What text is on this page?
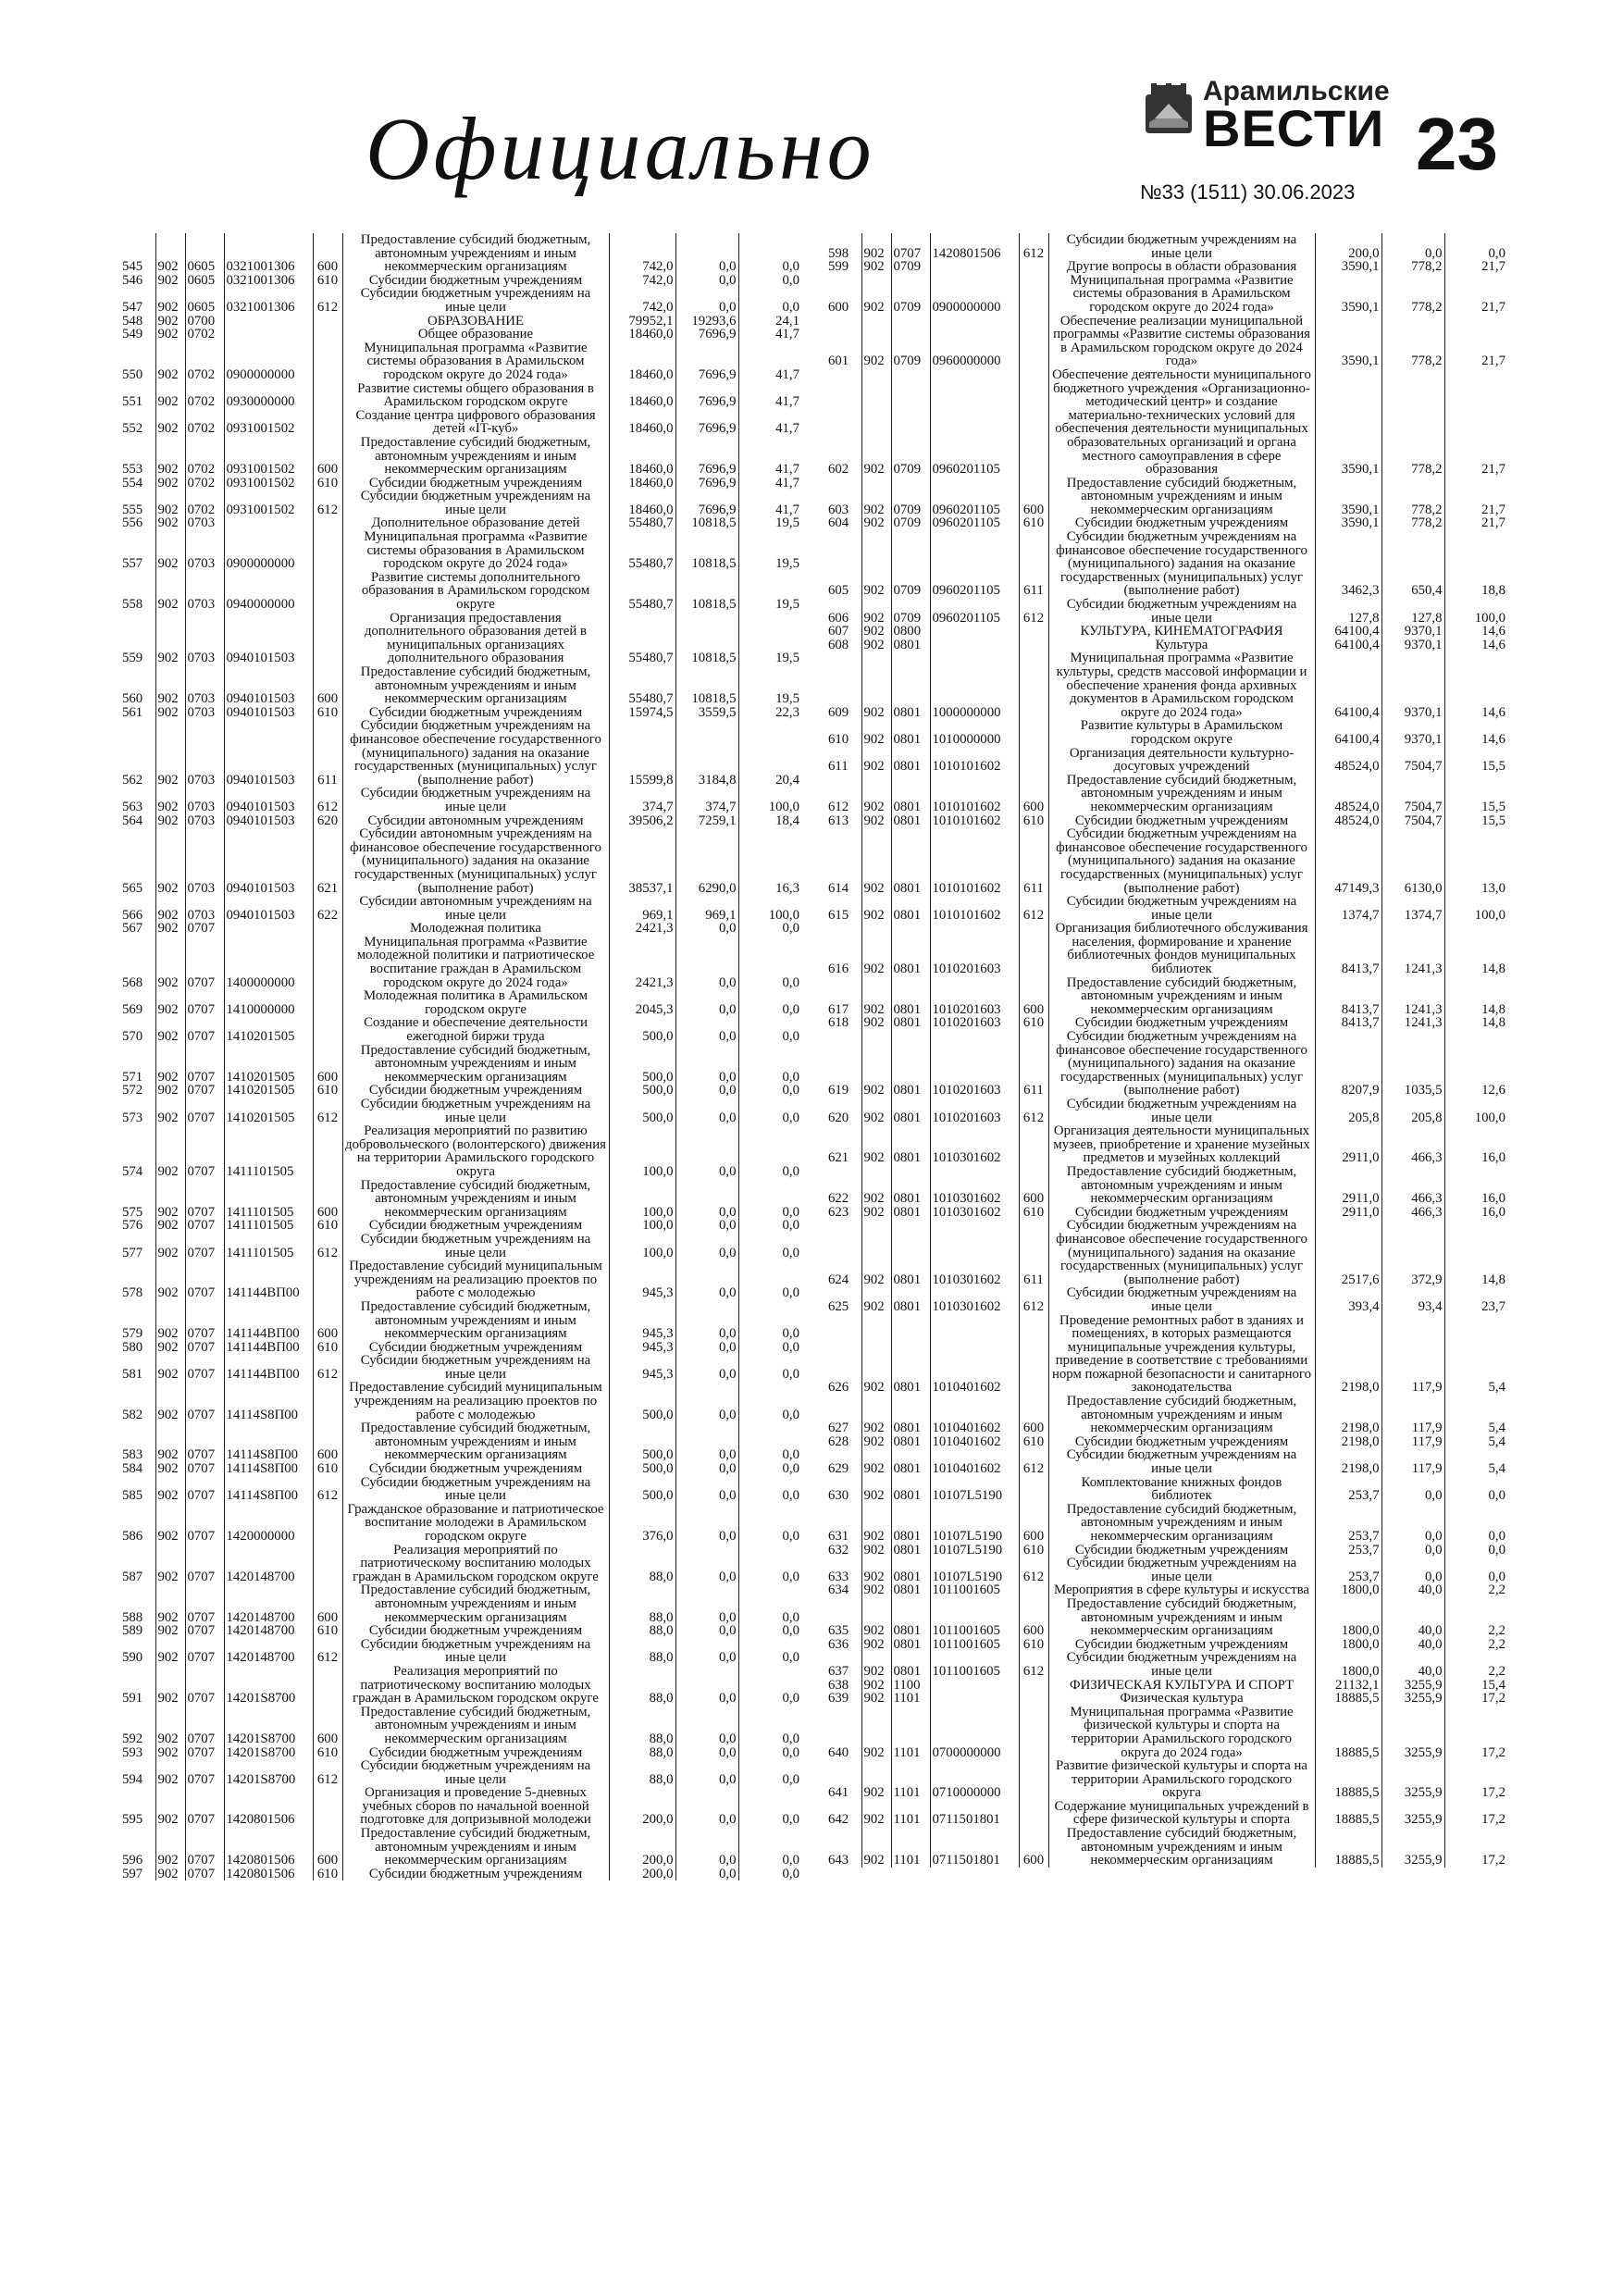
Официально
Арамильские
ВЕСТИ
№33 (1511) 30.06.2023
23
545	902	0605	0321001306	600	Предоставление субсидий бюджетным, автономным учреждениям и иным некоммерческим организациям	742,0	0,0	0,0
546	902	0605	0321001306	610	Субсидии бюджетным учреждениям	742,0	0,0	0,0
547	902	0605	0321001306	612	Субсидии бюджетным учреждениям на иные цели	742,0	0,0	0,0
548	902	0700			ОБРАЗОВАНИЕ	79952,1	19293,6	24,1
549	902	0702			Общее образование	18460,0	7696,9	41,7
550	902	0702	0900000000		Муниципальная программа «Развитие системы образования в Арамильском городском округе до 2024 года»	18460,0	7696,9	41,7
551	902	0702	0930000000		Развитие системы общего образования в Арамильском городском округе	18460,0	7696,9	41,7
552	902	0702	0931001502		Создание центра цифрового образования детей «IT-куб»	18460,0	7696,9	41,7
553	902	0702	0931001502	600	Предоставление субсидий бюджетным, автономным учреждениям и иным некоммерческим организациям	18460,0	7696,9	41,7
554	902	0702	0931001502	610	Субсидии бюджетным учреждениям	18460,0	7696,9	41,7
555	902	0702	0931001502	612	Субсидии бюджетным учреждениям на иные цели	18460,0	7696,9	41,7
556	902	0703			Дополнительное образование детей	55480,7	10818,5	19,5
557	902	0703	0900000000		Муниципальная программа «Развитие системы образования в Арамильском городском округе до 2024 года»	55480,7	10818,5	19,5
558	902	0703	0940000000		Развитие системы дополнительного образования в Арамильском городском округе	55480,7	10818,5	19,5
559	902	0703	0940101503		Организация предоставления дополнительного образования детей в муниципальных организациях дополнительного образования	55480,7	10818,5	19,5
560	902	0703	0940101503	600	Предоставление субсидий бюджетным, автономным учреждениям и иным некоммерческим организациям	55480,7	10818,5	19,5
561	902	0703	0940101503	610	Субсидии бюджетным учреждениям	15974,5	3559,5	22,3
562	902	0703	0940101503	611	Субсидии бюджетным учреждениям на финансовое обеспечение государственного (муниципального) задания на оказание государственных (муниципальных) услуг (выполнение работ)	15599,8	3184,8	20,4
563	902	0703	0940101503	612	Субсидии бюджетным учреждениям на иные цели	374,7	374,7	100,0
564	902	0703	0940101503	620	Субсидии автономным учреждениям	39506,2	7259,1	18,4
565	902	0703	0940101503	621	Субсидии автономным учреждениям на финансовое обеспечение государственного (муниципального) задания на оказание государственных (муниципальных) услуг (выполнение работ)	38537,1	6290,0	16,3
566	902	0703	0940101503	622	Субсидии автономным учреждениям на иные цели	969,1	969,1	100,0
567	902	0707			Молодежная политика	2421,3	0,0	0,0
568	902	0707	1400000000		Муниципальная программа «Развитие молодежной политики и патриотическое воспитание граждан в Арамильском городском округе до 2024 года»	2421,3	0,0	0,0
569	902	0707	1410000000		Молодежная политика в Арамильском городском округе	2045,3	0,0	0,0
570	902	0707	1410201505		Создание и обеспечение деятельности ежегодной биржи труда	500,0	0,0	0,0
571	902	0707	1410201505	600	Предоставление субсидий бюджетным, автономным учреждениям и иным некоммерческим организациям	500,0	0,0	0,0
572	902	0707	1410201505	610	Субсидии бюджетным учреждениям	500,0	0,0	0,0
573	902	0707	1410201505	612	Субсидии бюджетным учреждениям на иные цели	500,0	0,0	0,0
574	902	0707	1411101505		Реализация мероприятий по развитию добровольческого (волонтерского) движения на территории Арамильского городского округа	100,0	0,0	0,0
575	902	0707	1411101505	600	Предоставление субсидий бюджетным, автономным учреждениям и иным некоммерческим организациям	100,0	0,0	0,0
576	902	0707	1411101505	610	Субсидии бюджетным учреждениям	100,0	0,0	0,0
577	902	0707	1411101505	612	Субсидии бюджетным учреждениям на иные цели	100,0	0,0	0,0
578	902	0707	141144ВП00		Предоставление субсидий муниципальным учреждениям на реализацию проектов по работе с молодежью	945,3	0,0	0,0
579	902	0707	141144ВП00	600	Предоставление субсидий бюджетным, автономным учреждениям и иным некоммерческим организациям	945,3	0,0	0,0
580	902	0707	141144ВП00	610	Субсидии бюджетным учреждениям	945,3	0,0	0,0
581	902	0707	141144ВП00	612	Субсидии бюджетным учреждениям на иные цели	945,3	0,0	0,0
582	902	0707	14114S8П00		Предоставление субсидий муниципальным учреждениям на реализацию проектов по работе с молодежью	500,0	0,0	0,0
583	902	0707	14114S8П00	600	Предоставление субсидий бюджетным, автономным учреждениям и иным некоммерческим организациям	500,0	0,0	0,0
584	902	0707	14114S8П00	610	Субсидии бюджетным учреждениям	500,0	0,0	0,0
585	902	0707	14114S8П00	612	Субсидии бюджетным учреждениям на иные цели	500,0	0,0	0,0
586	902	0707	1420000000		Гражданское образование и патриотическое воспитание молодежи в Арамильском городском округе	376,0	0,0	0,0
587	902	0707	1420148700		Реализация мероприятий по патриотическому воспитанию молодых граждан в Арамильском городском округе	88,0	0,0	0,0
588	902	0707	1420148700	600	Предоставление субсидий бюджетным, автономным учреждениям и иным некоммерческим организациям	88,0	0,0	0,0
589	902	0707	1420148700	610	Субсидии бюджетным учреждениям	88,0	0,0	0,0
590	902	0707	1420148700	612	Субсидии бюджетным учреждениям на иные цели	88,0	0,0	0,0
591	902	0707	14201S8700		Реализация мероприятий по патриотическому воспитанию молодых граждан в Арамильском городском округе	88,0	0,0	0,0
592	902	0707	14201S8700	600	Предоставление субсидий бюджетным, автономным учреждениям и иным некоммерческим организациям	88,0	0,0	0,0
593	902	0707	14201S8700	610	Субсидии бюджетным учреждениям	88,0	0,0	0,0
594	902	0707	14201S8700	612	Субсидии бюджетным учреждениям на иные цели	88,0	0,0	0,0
595	902	0707	1420801506		Организация и проведение 5-дневных учебных сборов по начальной военной подготовке для допризывной молодежи	200,0	0,0	0,0
596	902	0707	1420801506	600	Предоставление субсидий бюджетным, автономным учреждениям и иным некоммерческим организациям	200,0	0,0	0,0
597	902	0707	1420801506	610	Субсидии бюджетным учреждениям	200,0	0,0	0,0
598	902	0707	1420801506	612	Субсидии бюджетным учреждениям на иные цели	200,0	0,0	0,0
599	902	0709			Другие вопросы в области образования	3590,1	778,2	21,7
600	902	0709	0900000000		Муниципальная программа «Развитие системы образования в Арамильском городском округе до 2024 года»	3590,1	778,2	21,7
601	902	0709	0960000000		Обеспечение реализации муниципальной программы «Развитие системы образования в Арамильском городском округе до 2024 года»	3590,1	778,2	21,7
602	902	0709	0960201105		Обеспечение деятельности муниципального бюджетного учреждения «Организационно-методический центр» и создание материально-технических условий для обеспечения деятельности муниципальных образовательных организаций и органа местного самоуправления в сфере образования	3590,1	778,2	21,7
603	902	0709	0960201105	600	Предоставление субсидий бюджетным, автономным учреждениям и иным некоммерческим организациям	3590,1	778,2	21,7
604	902	0709	0960201105	610	Субсидии бюджетным учреждениям	3590,1	778,2	21,7
605	902	0709	0960201105	611	Субсидии бюджетным учреждениям на финансовое обеспечение государственного (муниципального) задания на оказание государственных (муниципальных) услуг (выполнение работ)	3462,3	650,4	18,8
606	902	0709	0960201105	612	Субсидии бюджетным учреждениям на иные цели	127,8	127,8	100,0
607	902	0800			КУЛЬТУРА, КИНЕМАТОГРАФИЯ	64100,4	9370,1	14,6
608	902	0801			Культура	64100,4	9370,1	14,6
609	902	0801	1000000000		Муниципальная программа «Развитие культуры, средств массовой информации и обеспечение хранения фонда архивных документов в Арамильском городском округе до 2024 года»	64100,4	9370,1	14,6
610	902	0801	1010000000		Развитие культуры в Арамильском городском округе	64100,4	9370,1	14,6
611	902	0801	1010101602		Организация деятельности культурно-досуговых учреждений	48524,0	7504,7	15,5
612	902	0801	1010101602	600	Предоставление субсидий бюджетным, автономным учреждениям и иным некоммерческим организациям	48524,0	7504,7	15,5
613	902	0801	1010101602	610	Субсидии бюджетным учреждениям	48524,0	7504,7	15,5
614	902	0801	1010101602	611	Субсидии бюджетным учреждениям на финансовое обеспечение государственного (муниципального) задания на оказание государственных (муниципальных) услуг (выполнение работ)	47149,3	6130,0	13,0
615	902	0801	1010101602	612	Субсидии бюджетным учреждениям на иные цели	1374,7	1374,7	100,0
616	902	0801	1010201603		Организация библиотечного обслуживания населения, формирование и хранение библиотечных фондов муниципальных библиотек	8413,7	1241,3	14,8
617	902	0801	1010201603	600	Предоставление субсидий бюджетным, автономным учреждениям и иным некоммерческим организациям	8413,7	1241,3	14,8
618	902	0801	1010201603	610	Субсидии бюджетным учреждениям	8413,7	1241,3	14,8
619	902	0801	1010201603	611	Субсидии бюджетным учреждениям на финансовое обеспечение государственного (муниципального) задания на оказание государственных (муниципальных) услуг (выполнение работ)	8207,9	1035,5	12,6
620	902	0801	1010201603	612	Субсидии бюджетным учреждениям на иные цели	205,8	205,8	100,0
621	902	0801	1010301602		Организация деятельности муниципальных музеев, приобретение и хранение музейных предметов и музейных коллекций	2911,0	466,3	16,0
622	902	0801	1010301602	600	Предоставление субсидий бюджетным, автономным учреждениям и иным некоммерческим организациям	2911,0	466,3	16,0
623	902	0801	1010301602	610	Субсидии бюджетным учреждениям	2911,0	466,3	16,0
624	902	0801	1010301602	611	Субсидии бюджетным учреждениям на финансовое обеспечение государственного (муниципального) задания на оказание государственных (муниципальных) услуг (выполнение работ)	2517,6	372,9	14,8
625	902	0801	1010301602	612	Субсидии бюджетным учреждениям на иные цели	393,4	93,4	23,7
626	902	0801	1010401602		Проведение ремонтных работ в зданиях и помещениях, в которых размещаются муниципальные учреждения культуры, приведение в соответствие с требованиями норм пожарной безопасности и санитарного законодательства	2198,0	117,9	5,4
627	902	0801	1010401602	600	Предоставление субсидий бюджетным, автономным учреждениям и иным некоммерческим организациям	2198,0	117,9	5,4
628	902	0801	1010401602	610	Субсидии бюджетным учреждениям	2198,0	117,9	5,4
629	902	0801	1010401602	612	Субсидии бюджетным учреждениям на иные цели	2198,0	117,9	5,4
630	902	0801	10107L5190		Комплектование книжных фондов библиотек	253,7	0,0	0,0
631	902	0801	10107L5190	600	Предоставление субсидий бюджетным, автономным учреждениям и иным некоммерческим организациям	253,7	0,0	0,0
632	902	0801	10107L5190	610	Субсидии бюджетным учреждениям	253,7	0,0	0,0
633	902	0801	10107L5190	612	Субсидии бюджетным учреждениям на иные цели	253,7	0,0	0,0
634	902	0801	1011001605		Мероприятия в сфере культуры и искусства	1800,0	40,0	2,2
635	902	0801	1011001605	600	Предоставление субсидий бюджетным, автономным учреждениям и иным некоммерческим организациям	1800,0	40,0	2,2
636	902	0801	1011001605	610	Субсидии бюджетным учреждениям	1800,0	40,0	2,2
637	902	0801	1011001605	612	Субсидии бюджетным учреждениям на иные цели	1800,0	40,0	2,2
638	902	1100			ФИЗИЧЕСКАЯ КУЛЬТУРА И СПОРТ	21132,1	3255,9	15,4
639	902	1101			Физическая культура	18885,5	3255,9	17,2
640	902	1101	0700000000		Муниципальная программа «Развитие физической культуры и спорта на территории Арамильского городского округа до 2024 года»	18885,5	3255,9	17,2
641	902	1101	0710000000		Развитие физической культуры и спорта на территории Арамильского городского округа	18885,5	3255,9	17,2
642	902	1101	0711501801		Содержание муниципальных учреждений в сфере физической культуры и спорта	18885,5	3255,9	17,2
643	902	1101	0711501801	600	Предоставление субсидий бюджетным, автономным учреждениям и иным некоммерческим организациям	18885,5	3255,9	17,2
